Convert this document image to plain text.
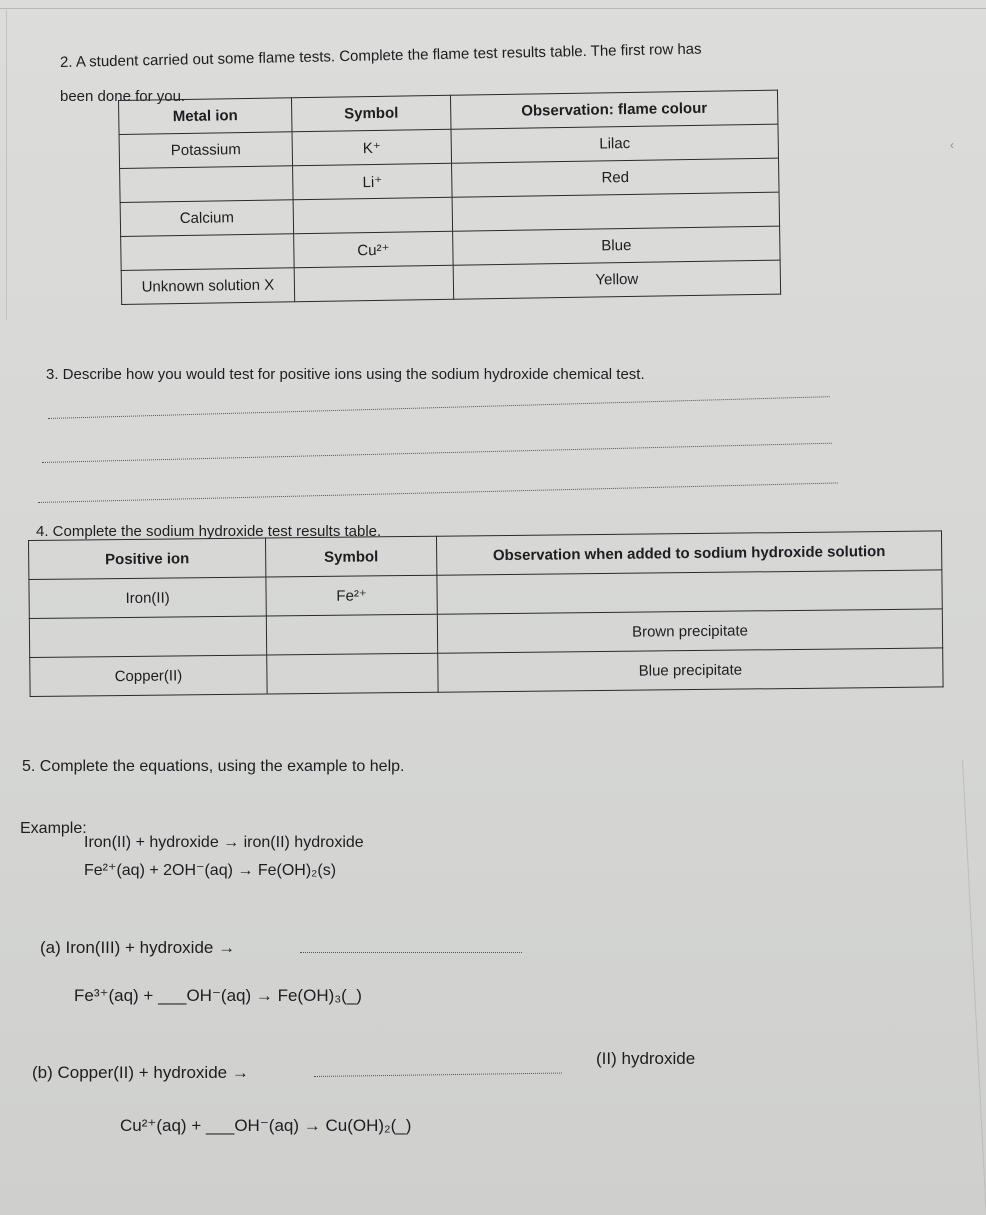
2. A student carried out some flame tests. Complete the flame test results table. The first row has
been done for you.
Metal ion	Symbol	Observation: flame colour
Potassium	K⁺	Lilac
	Li⁺	Red
Calcium		
	Cu²⁺	Blue
Unknown solution X		Yellow
3. Describe how you would test for positive ions using the sodium hydroxide chemical test.
4. Complete the sodium hydroxide test results table.
Positive ion	Symbol	Observation when added to sodium hydroxide solution
Iron(II)	Fe²⁺	
		Brown precipitate
Copper(II)		Blue precipitate
5. Complete the equations, using the example to help.
Example:
Iron(II) + hydroxide → iron(II) hydroxide
Fe²⁺(aq) + 2OH⁻(aq) → Fe(OH)₂(s)
(a) Iron(III) + hydroxide →
Fe³⁺(aq) + ___OH⁻(aq) → Fe(OH)₃(_)
(b) Copper(II) + hydroxide →
(II) hydroxide
Cu²⁺(aq) + ___OH⁻(aq) → Cu(OH)₂(_)
‹
